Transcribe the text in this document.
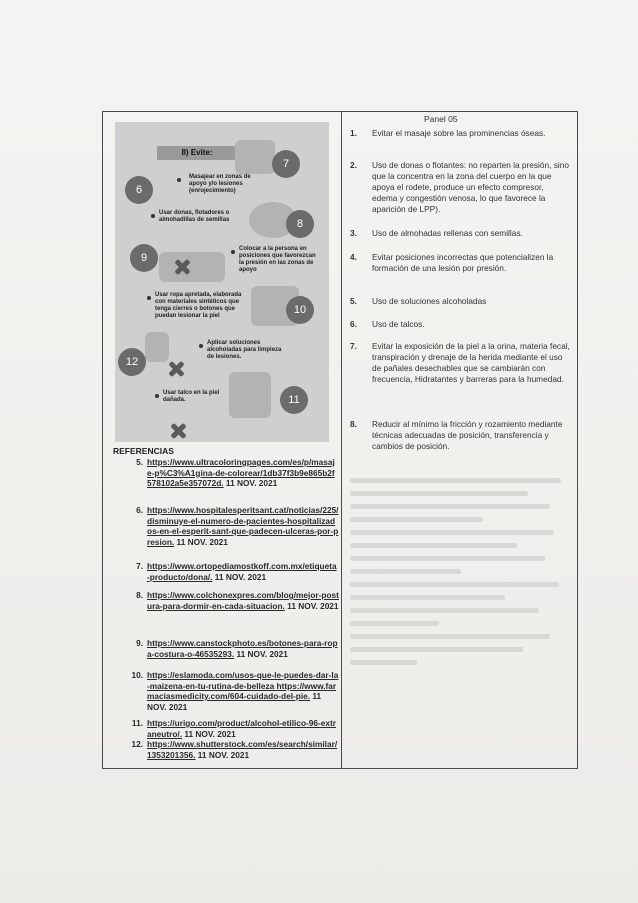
8) Evite:
Masajear en zonas de apoyo y/o lesiones (enrojecimiento)
Usar donas, flotadores o almohadillas de semillas
Colocar a la persona en posiciones que favorezcan la presión en las zonas de apoyo
Usar ropa apretada, elaborada con materiales sintéticos que tenga cierres o botones que puedan lesionar la piel
Aplicar soluciones alcoholadas para limpieza de lesiones.
Usar talco en la piel dañada.
6
7
8
9
10
12
11
REFERENCIAS
5. https://www.ultracoloringpages.com/es/p/masaje-p%C3%A1gina-de-colorear/1db37f3b9e865b2f578102a5e357072d. 11 NOV. 2021
6. https://www.hospitalesperitsant.cat/noticias/225/disminuye-el-numero-de-pacientes-hospitalizados-en-el-esperit-sant-que-padecen-ulceras-por-presion. 11 NOV. 2021
7. https://www.ortopediamostkoff.com.mx/etiqueta-producto/dona/. 11 NOV. 2021
8. https://www.colchonexpres.com/blog/mejor-postura-para-dormir-en-cada-situacion. 11 NOV. 2021
9. https://www.canstockphoto.es/botones-para-ropa-costura-o-46535293. 11 NOV. 2021
10. https://eslamoda.com/usos-que-le-puedes-dar-la-maizena-en-tu-rutina-de-belleza https://www.farmaciasmedicity.com/604-cuidado-del-pie. 11 NOV. 2021
11. https://urigo.com/product/alcohol-etilico-96-extraneutro/. 11 NOV. 2021
12. https://www.shutterstock.com/es/search/similar/1353201356. 11 NOV. 2021
Panel 05
1.	Evitar el masaje sobre las prominencias óseas.
2.	Uso de donas o flotantes: no reparten la presión, sino que la concentra en la zona del cuerpo en la que apoya el rodete, produce un efecto compresor, edema y congestión venosa, lo que favorece la aparición de LPP).
3.	Uso de almohadas rellenas con semillas.
4.	Evitar posiciones incorrectas que potencializen la formación de una lesión por presión.
5.	Uso de soluciones alcoholadas
6.	Uso de talcos.
7.	Evitar la exposición de la piel a la orina, materia fecal, transpiración y drenaje de la herida mediante el uso de pañales desechables que se cambiarán con frecuencia, Hidratantes y barreras para la humedad.
8.	Reducir al mínimo la fricción y rozamiento mediante técnicas adecuadas de posición, transferencia y cambios de posición.
